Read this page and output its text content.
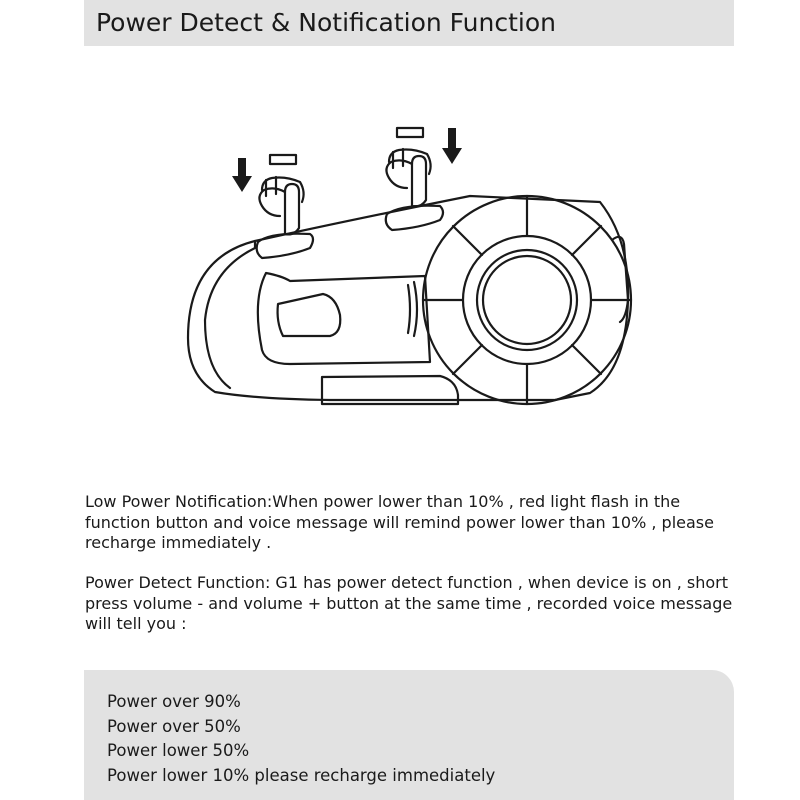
Power Detect & Notification Function
Low Power Notification:When power lower than 10% , red light flash in the function button and voice message will remind power lower than 10% , please recharge immediately .
Power Detect Function: G1 has power detect function , when device is on , short press volume - and volume + button at the same time , recorded voice message will tell you :
Power over 90%
Power over 50%
Power lower 50%
Power lower 10% please recharge immediately
